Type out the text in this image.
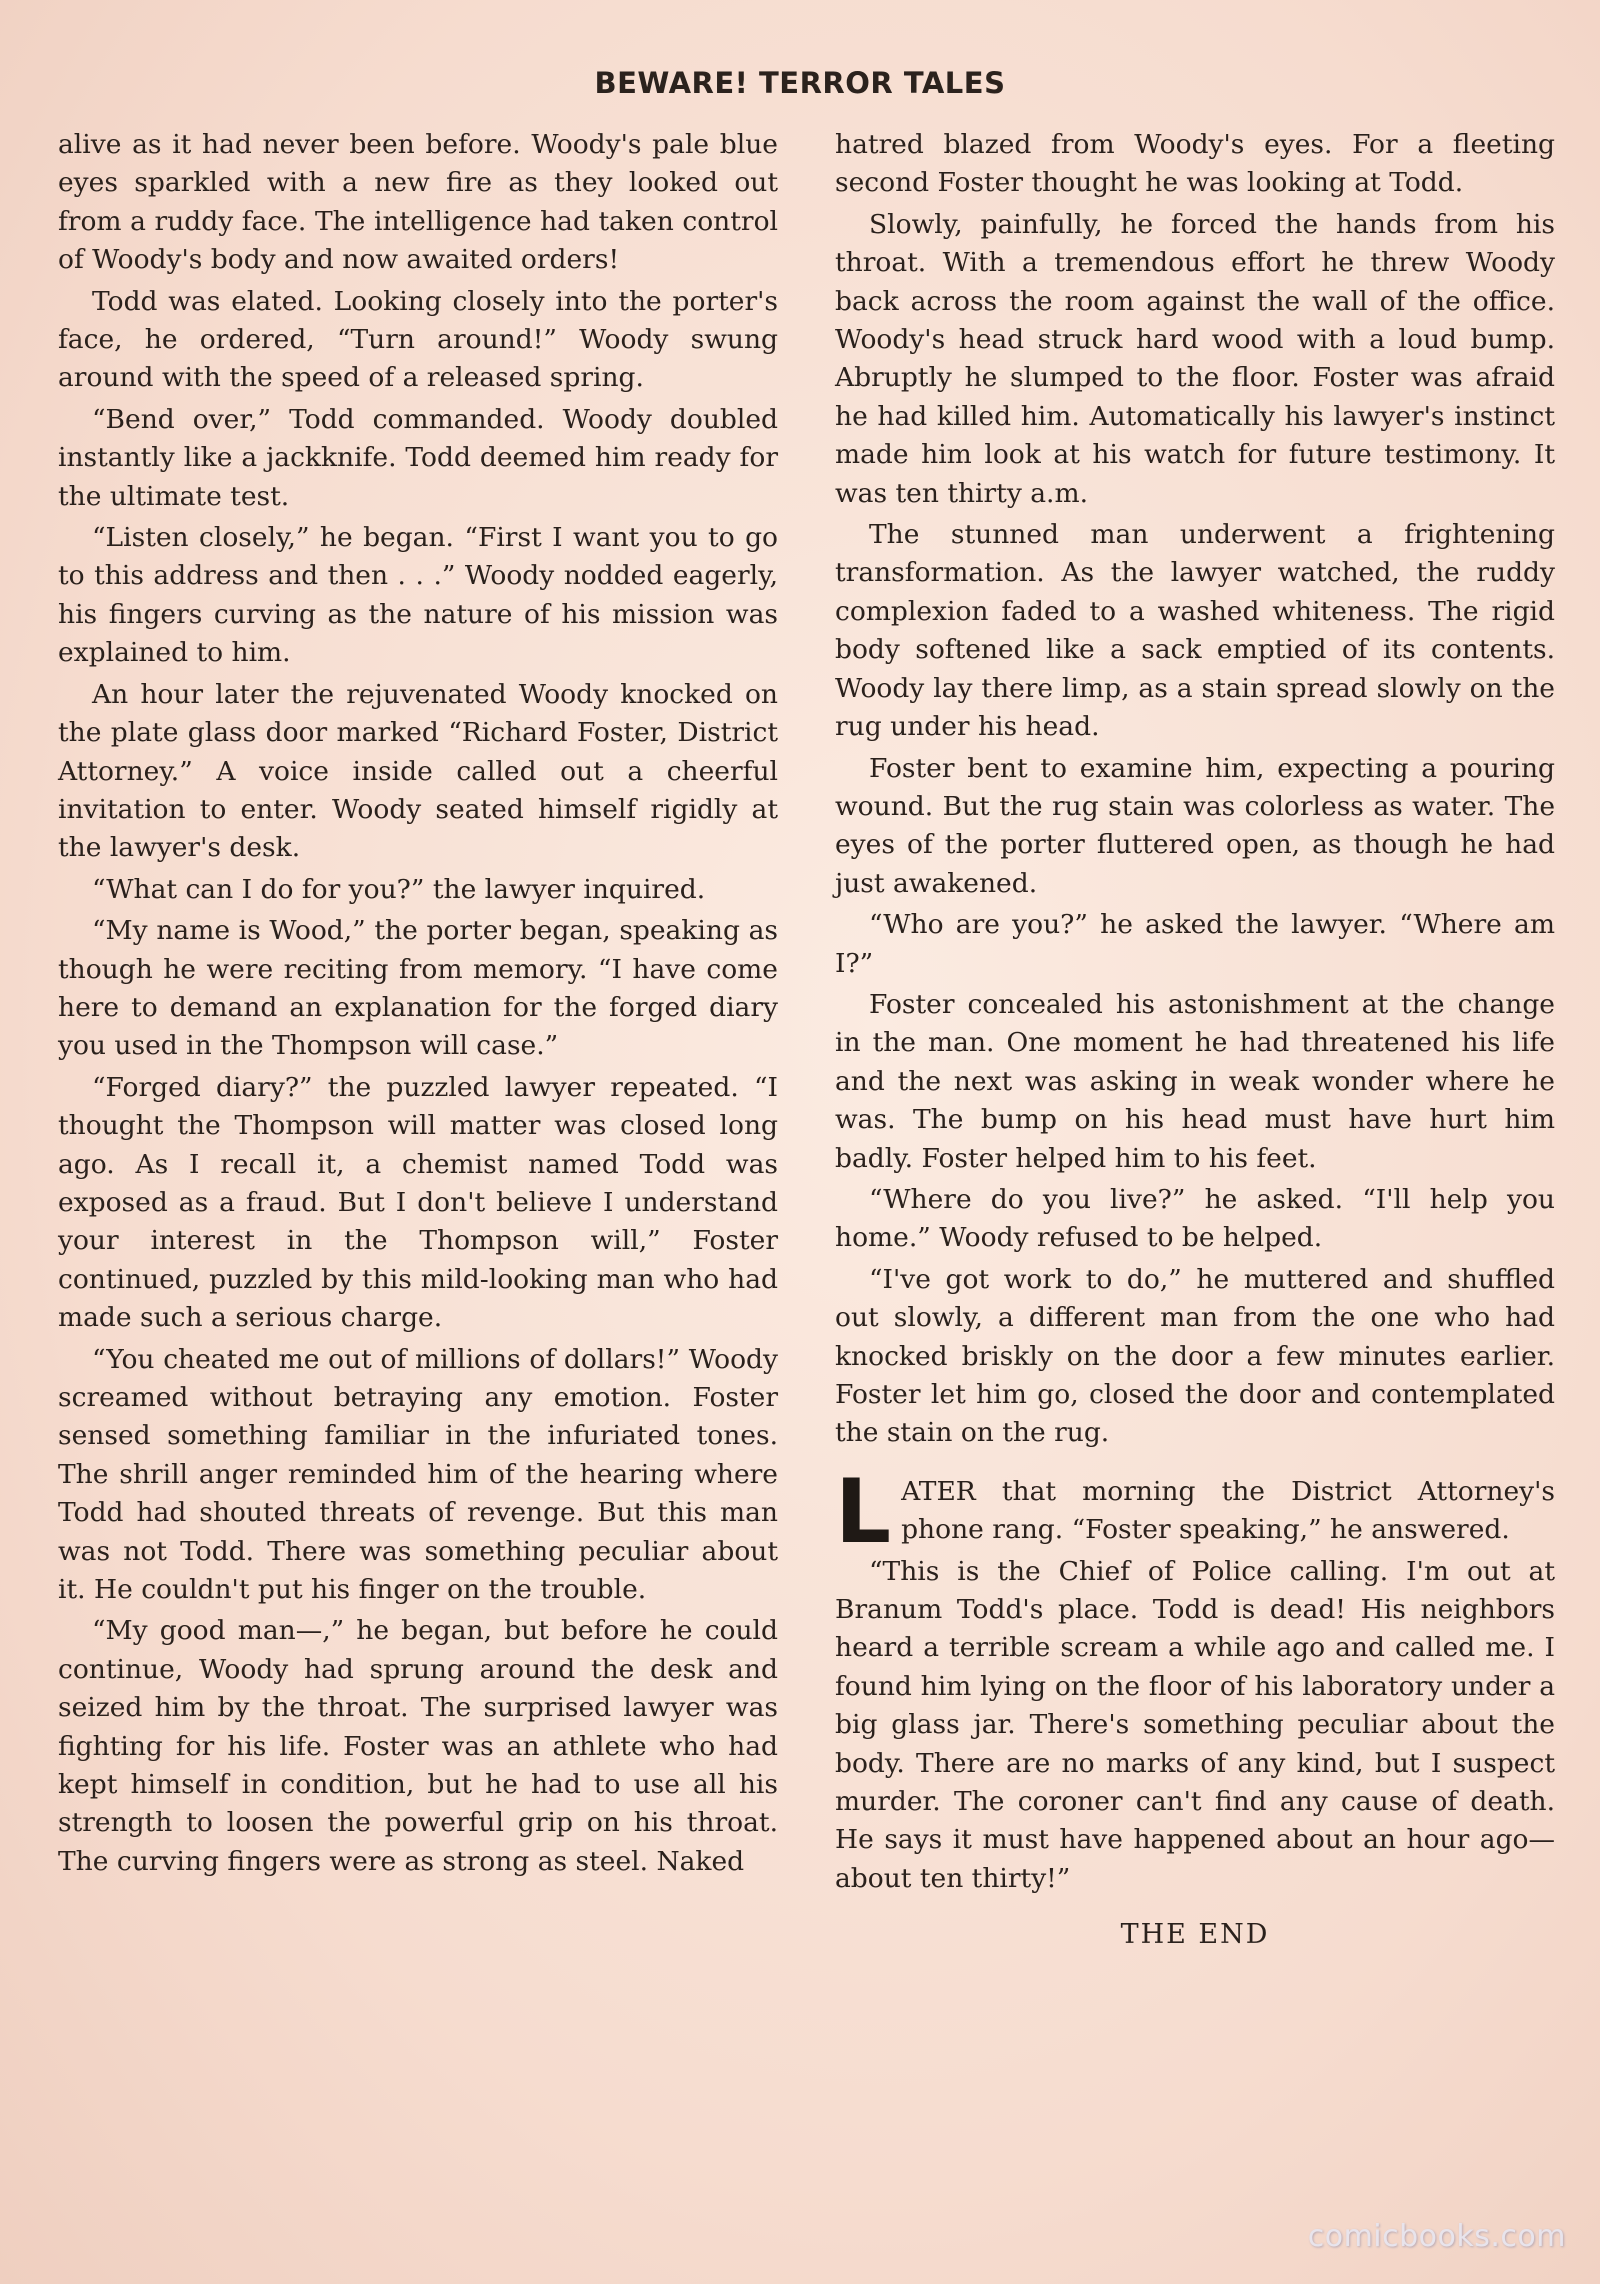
BEWARE! TERROR TALES

alive as it had never been before. Woody's pale blue eyes sparkled with a new fire as they looked out from a ruddy face. The intelligence had taken control of Woody's body and now awaited orders!

Todd was elated. Looking closely into the porter's face, he ordered, “Turn around!” Woody swung around with the speed of a released spring.

“Bend over,” Todd commanded. Woody doubled instantly like a jackknife. Todd deemed him ready for the ultimate test.

“Listen closely,” he began. “First I want you to go to this address and then . . .” Woody nodded eagerly, his fingers curving as the nature of his mission was explained to him.

An hour later the rejuvenated Woody knocked on the plate glass door marked “Richard Foster, District Attorney.” A voice inside called out a cheerful invitation to enter. Woody seated himself rigidly at the lawyer's desk.

“What can I do for you?” the lawyer inquired.

“My name is Wood,” the porter began, speaking as though he were reciting from memory. “I have come here to demand an explanation for the forged diary you used in the Thompson will case.”

“Forged diary?” the puzzled lawyer repeated. “I thought the Thompson will matter was closed long ago. As I recall it, a chemist named Todd was exposed as a fraud. But I don't believe I understand your interest in the Thompson will,” Foster continued, puzzled by this mild-looking man who had made such a serious charge.

“You cheated me out of millions of dollars!” Woody screamed without betraying any emotion. Foster sensed something familiar in the infuriated tones. The shrill anger reminded him of the hearing where Todd had shouted threats of revenge. But this man was not Todd. There was something peculiar about it. He couldn't put his finger on the trouble.

“My good man—,” he began, but before he could continue, Woody had sprung around the desk and seized him by the throat. The surprised lawyer was fighting for his life. Foster was an athlete who had kept himself in condition, but he had to use all his strength to loosen the powerful grip on his throat. The curving fingers were as strong as steel. Naked

hatred blazed from Woody's eyes. For a fleeting second Foster thought he was looking at Todd.

Slowly, painfully, he forced the hands from his throat. With a tremendous effort he threw Woody back across the room against the wall of the office. Woody's head struck hard wood with a loud bump. Abruptly he slumped to the floor. Foster was afraid he had killed him. Automatically his lawyer's instinct made him look at his watch for future testimony. It was ten thirty a.m.

The stunned man underwent a frightening transformation. As the lawyer watched, the ruddy complexion faded to a washed whiteness. The rigid body softened like a sack emptied of its contents. Woody lay there limp, as a stain spread slowly on the rug under his head.

Foster bent to examine him, expecting a pouring wound. But the rug stain was colorless as water. The eyes of the porter fluttered open, as though he had just awakened.

“Who are you?” he asked the lawyer. “Where am I?”

Foster concealed his astonishment at the change in the man. One moment he had threatened his life and the next was asking in weak wonder where he was. The bump on his head must have hurt him badly. Foster helped him to his feet.

“Where do you live?” he asked. “I'll help you home.” Woody refused to be helped.

“I've got work to do,” he muttered and shuffled out slowly, a different man from the one who had knocked briskly on the door a few minutes earlier. Foster let him go, closed the door and contemplated the stain on the rug.

LATER that morning the District Attorney's phone rang. “Foster speaking,” he answered.

“This is the Chief of Police calling. I'm out at Branum Todd's place. Todd is dead! His neighbors heard a terrible scream a while ago and called me. I found him lying on the floor of his laboratory under a big glass jar. There's something peculiar about the body. There are no marks of any kind, but I suspect murder. The coroner can't find any cause of death. He says it must have happened about an hour ago—about ten thirty!”

THE END
comicbooks.com
